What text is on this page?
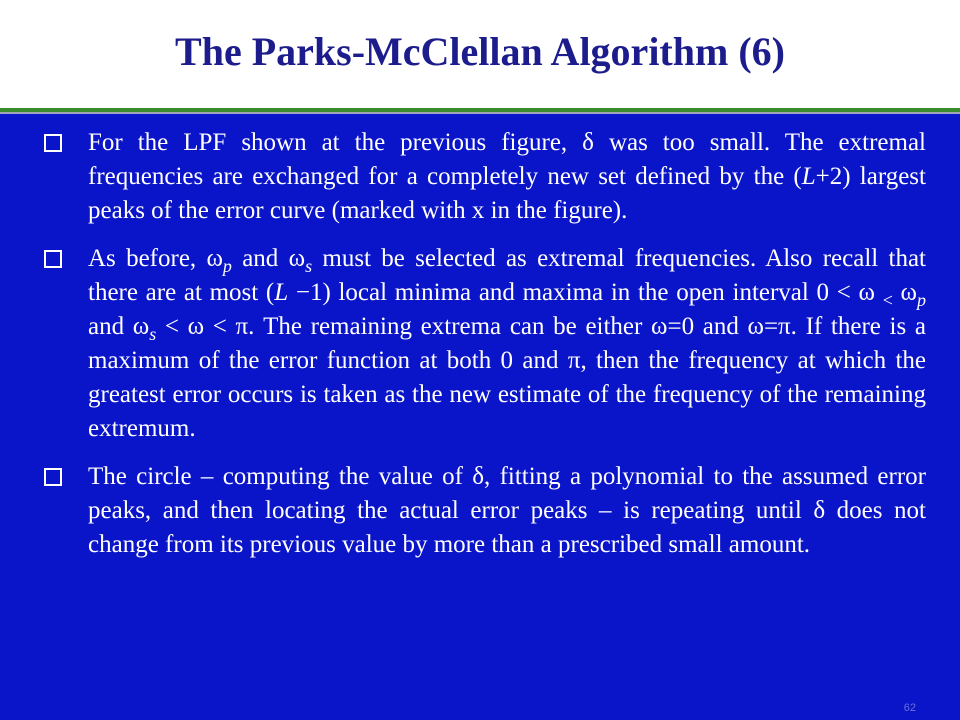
The Parks-McClellan Algorithm (6)
For the LPF shown at the previous figure, δ was too small. The extremal frequencies are exchanged for a completely new set defined by the (L+2) largest peaks of the error curve (marked with x in the figure).
As before, $\omega_p$ and $\omega_s$ must be selected as extremal frequencies. Also recall that there are at most (L −1) local minima and maxima in the open interval 0 < ω $_<$ $\omega_p$ and $\omega_s < \omega < \pi$. The remaining extrema can be either ω=0 and ω=π. If there is a maximum of the error function at both 0 and π, then the frequency at which the greatest error occurs is taken as the new estimate of the frequency of the remaining extremum.
The circle – computing the value of δ, fitting a polynomial to the assumed error peaks, and then locating the actual error peaks – is repeating until δ does not change from its previous value by more than a prescribed small amount.
62
